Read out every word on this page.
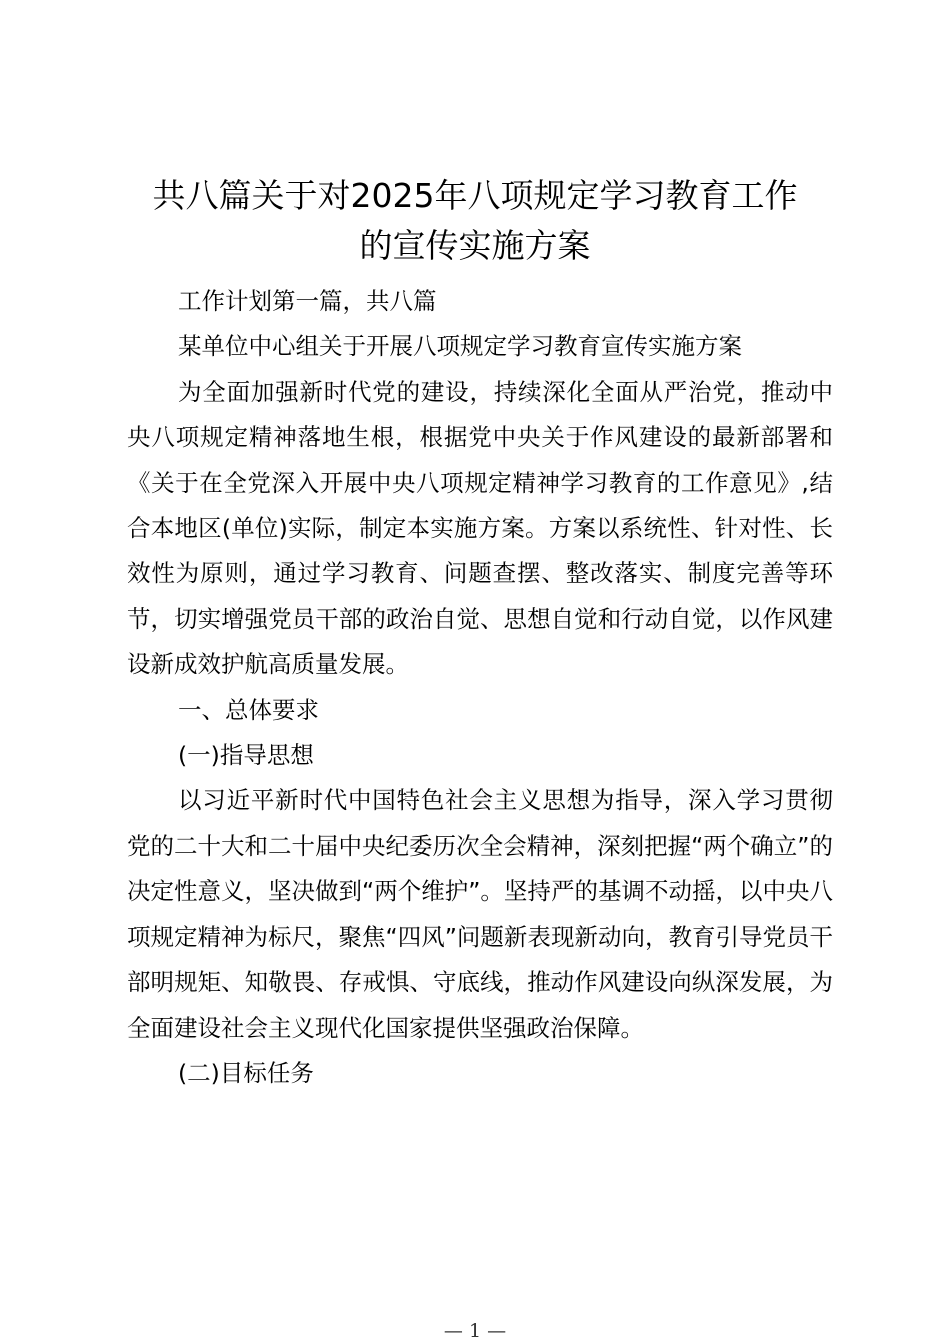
共八篇关于对2025年八项规定学习教育工作
的宣传实施方案

工作计划第一篇，共八篇

某单位中心组关于开展八项规定学习教育宣传实施方案

为全面加强新时代党的建设，持续深化全面从严治党，推动中央八项规定精神落地生根，根据党中央关于作风建设的最新部署和《关于在全党深入开展中央八项规定精神学习教育的工作意见》,结合本地区(单位)实际，制定本实施方案。方案以系统性、针对性、长效性为原则，通过学习教育、问题查摆、整改落实、制度完善等环节，切实增强党员干部的政治自觉、思想自觉和行动自觉，以作风建设新成效护航高质量发展。

一、总体要求

(一)指导思想

以习近平新时代中国特色社会主义思想为指导，深入学习贯彻党的二十大和二十届中央纪委历次全会精神，深刻把握“两个确立”的决定性意义，坚决做到“两个维护”。坚持严的基调不动摇，以中央八项规定精神为标尺，聚焦“四风”问题新表现新动向，教育引导党员干部明规矩、知敬畏、存戒惧、守底线，推动作风建设向纵深发展，为全面建设社会主义现代化国家提供坚强政治保障。

(二)目标任务

— 1 —
